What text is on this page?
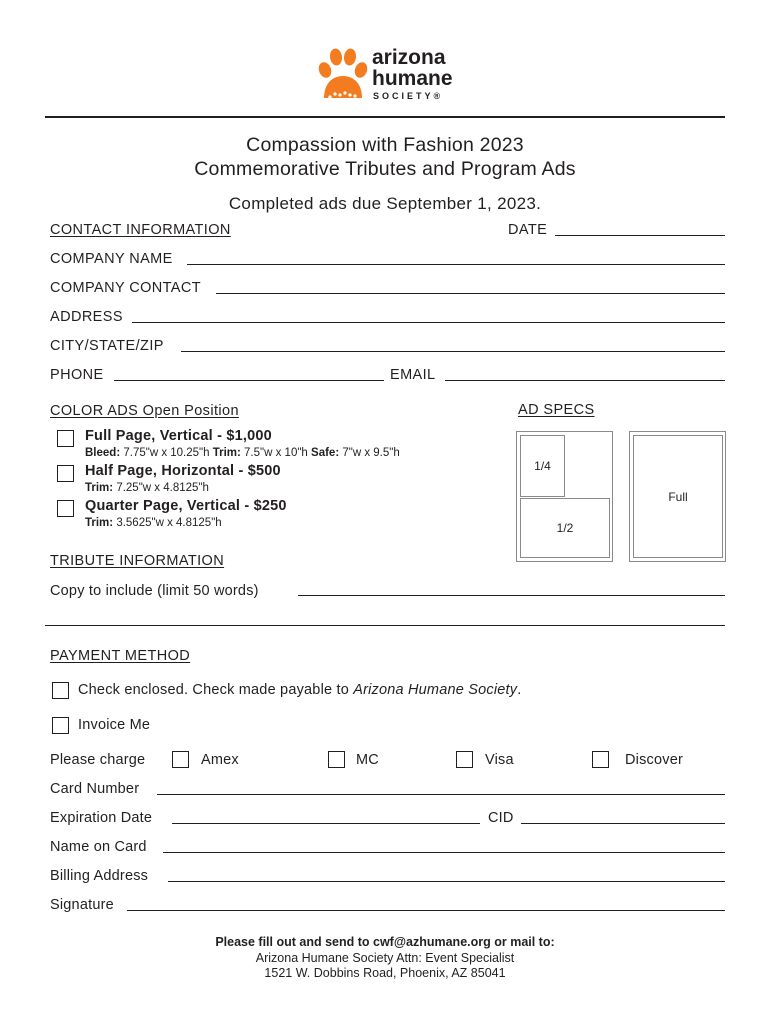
arizona
humane
SOCIETY®
Compassion with Fashion 2023
Commemorative Tributes and Program Ads
Completed ads due September 1, 2023.
CONTACT INFORMATION	DATE
COMPANY NAME
COMPANY CONTACT
ADDRESS
CITY/STATE/ZIP
PHONE	EMAIL
COLOR ADS Open Position
Full Page, Vertical - $1,000
Bleed: 7.75"w x 10.25"h Trim: 7.5"w x 10"h Safe: 7"w x 9.5"h
Half Page, Horizontal - $500
Trim: 7.25"w x 4.8125"h
Quarter Page, Vertical - $250
Trim: 3.5625"w x 4.8125"h
AD SPECS
1/4
1/2
Full
TRIBUTE INFORMATION
Copy to include (limit 50 words)
PAYMENT METHOD
Check enclosed. Check made payable to Arizona Humane Society.
Invoice Me
Please charge	Amex	MC	Visa	Discover
Card Number
Expiration Date	CID
Name on Card
Billing Address
Signature
Please fill out and send to cwf@azhumane.org or mail to:
Arizona Humane Society Attn: Event Specialist
1521 W. Dobbins Road, Phoenix, AZ 85041
